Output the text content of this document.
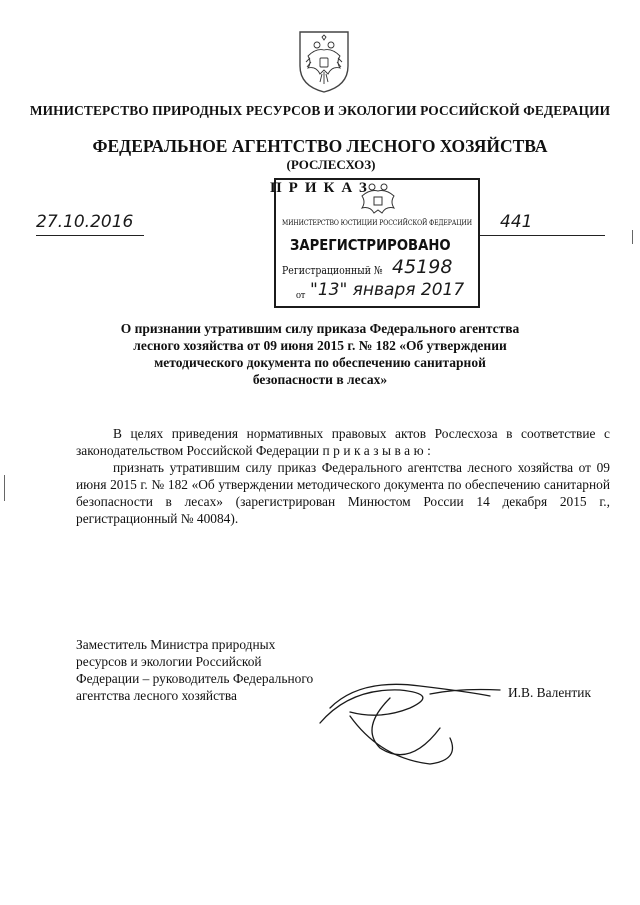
МИНИСТЕРСТВО ПРИРОДНЫХ РЕСУРСОВ И ЭКОЛОГИИ РОССИЙСКОЙ ФЕДЕРАЦИИ
ФЕДЕРАЛЬНОЕ АГЕНТСТВО ЛЕСНОГО ХОЗЯЙСТВА
(РОСЛЕСХОЗ)
ПРИКАЗ
МИНИСТЕРСТВО ЮСТИЦИИ РОССИЙСКОЙ ФЕДЕРАЦИИ
ЗАРЕГИСТРИРОВАНО
Регистрационный № 45198
от "13" января 2017
27.10.2016	441
О признании утратившим силу приказа Федерального агентства лесного хозяйства от 09 июня 2015 г. № 182 «Об утверждении методического документа по обеспечению санитарной безопасности в лесах»

В целях приведения нормативных правовых актов Рослесхоза в соответствие с законодательством Российской Федерации приказываю:

признать утратившим силу приказ Федерального агентства лесного хозяйства от 09 июня 2015 г. № 182 «Об утверждении методического документа по обеспечению санитарной безопасности в лесах» (зарегистрирован Минюстом России 14 декабря 2015 г., регистрационный № 40084).

Заместитель Министра природных
ресурсов и экологии Российской
Федерации – руководитель Федерального
агентства лесного хозяйства	И.В. Валентик
